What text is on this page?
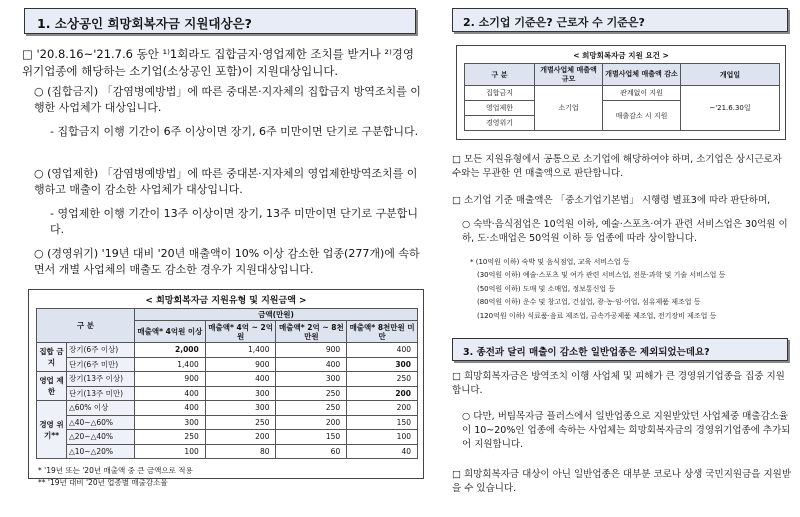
1. 소상공인 희망회복자금 지원대상은?
□ '20.8.16~'21.7.6 동안 ¹⁾1회라도 집합금지·영업제한 조치를 받거나 ²⁾경영위기업종에 해당하는 소기업(소상공인 포함)이 지원대상입니다.
○ (집합금지) 「감염병예방법」에 따른 중대본·지자체의 집합금지 방역조치를 이행한 사업체가 대상입니다.
- 집합금지 이행 기간이 6주 이상이면 장기, 6주 미만이면 단기로 구분합니다.
○ (영업제한) 「감염병예방법」에 따른 중대본·지자체의 영업제한방역조치를 이행하고 매출이 감소한 사업체가 대상입니다.
- 영업제한 이행 기간이 13주 이상이면 장기, 13주 미만이면 단기로 구분합니다.
○ (경영위기) '19년 대비 '20년 매출액이 10% 이상 감소한 업종(277개)에 속하면서 개별 사업체의 매출도 감소한 경우가 지원대상입니다.
< 희망회복자금 지원유형 및 지원금액 >
구 분		금액(만원)			
		매출액* 4억원 이상	매출액* 4억 ~ 2억원	매출액* 2억 ~ 8천만원	매출액* 8천만원 미만
집합 금지	장기(6주 이상)	2,000	1,400	900	400
	단기(6주 미만)	1,400	900	400	300
영업 제한	장기(13주 이상)	900	400	300	250
	단기(13주 미만)	400	300	250	200
경영 위기**	△60% 이상	400	300	250	200
	△40~△60%	300	250	200	150
	△20~△40%	250	200	150	100
	△10~△20%	100	80	60	40
* '19년 또는 '20년 매출액 중 큰 금액으로 적용
** '19년 대비 '20년 업종별 매출감소율
2. 소기업 기준은? 근로자 수 기준은?
< 희망회복자금 지원 요건 >
구 분	개별사업체 매출액 규모	개별사업체 매출액 감소	개업일
집합금지	소기업	관계없이 지원	~'21.6.30일
영업제한		매출감소 시 지원	
경영위기			
□ 모든 지원유형에서 공통으로 소기업에 해당하여야 하며, 소기업은 상시근로자 수와는 무관한 연 매출액으로 판단합니다.
□ 소기업 기준 매출액은 「중소기업기본법」 시행령 별표3에 따라 판단하며,
○ 숙박·음식점업은 10억원 이하, 예술·스포츠·여가 관련 서비스업은 30억원 이하, 도·소매업은 50억원 이하 등 업종에 따라 상이합니다.
* (10억원 이하) 숙박 및 음식점업, 교육 서비스업 등
(30억원 이하) 예술·스포츠 및 여가 관련 서비스업, 전문·과학 및 기술 서비스업 등
(50억원 이하) 도매 및 소매업, 정보통신업 등
(80억원 이하) 운수 및 창고업, 건설업, 광·농·임·어업, 섬유제품 제조업 등
(120억원 이하) 식료품·음료 제조업, 금속가공제품 제조업, 전기장비 제조업 등
3. 종전과 달리 매출이 감소한 일반업종은 제외되었는데요?
□ 희망회복자금은 방역조치 이행 사업체 및 피해가 큰 경영위기업종을 집중 지원합니다.
○ 다만, 버팀목자금 플러스에서 일반업종으로 지원받았던 사업체중 매출감소율이 10~20%인 업종에 속하는 사업체는 희망회복자금의 경영위기업종에 추가되어 지원합니다.
□ 희망회복자금 대상이 아닌 일반업종은 대부분 코로나 상생 국민지원금을 지원받을 수 있습니다.
